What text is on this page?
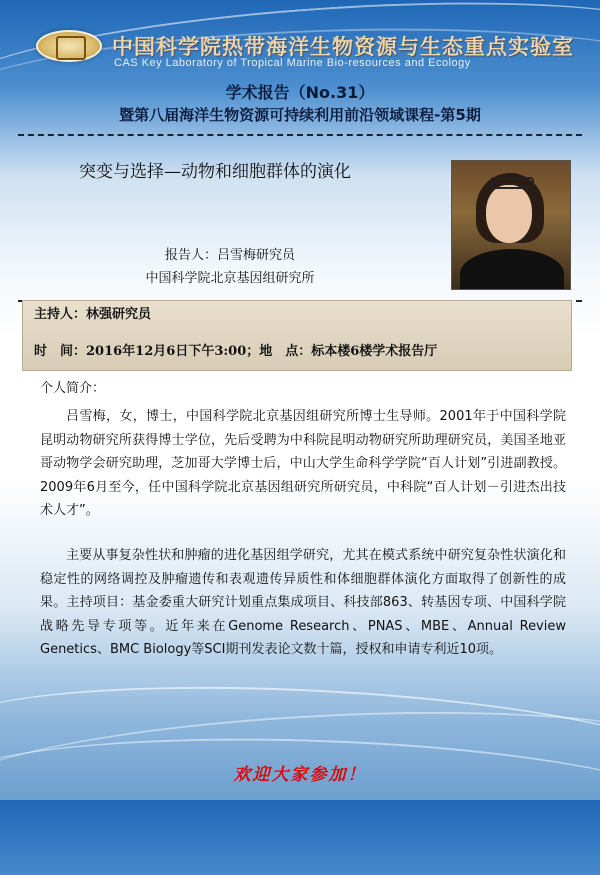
中国科学院热带海洋生物资源与生态重点实验室
CAS Key Laboratory of Tropical Marine Bio-resources and Ecology
学术报告（No.31）
暨第八届海洋生物资源可持续利用前沿领域课程-第5期
突变与选择—动物和细胞群体的演化
报告人：吕雪梅研究员
中国科学院北京基因组研究所
主持人：林强研究员
时　间：2016年12月6日下午3:00；地　点：标本楼6楼学术报告厅
个人简介：
吕雪梅，女，博士，中国科学院北京基因组研究所博士生导师。2001年于中国科学院昆明动物研究所获得博士学位，先后受聘为中科院昆明动物研究所助理研究员，美国圣地亚哥动物学会研究助理，芝加哥大学博士后，中山大学生命科学学院“百人计划”引进副教授。2009年6月至今，任中国科学院北京基因组研究所研究员，中科院“百人计划－引进杰出技术人才”。
主要从事复杂性状和肿瘤的进化基因组学研究，尤其在模式系统中研究复杂性状演化和稳定性的网络调控及肿瘤遗传和表观遗传异质性和体细胞群体演化方面取得了创新性的成果。主持项目：基金委重大研究计划重点集成项目、科技部863、转基因专项、中国科学院战略先导专项等。近年来在Genome Research、PNAS、MBE、Annual Review Genetics、BMC Biology等SCI期刊发表论文数十篇，授权和申请专利近10项。
欢迎大家参加！
